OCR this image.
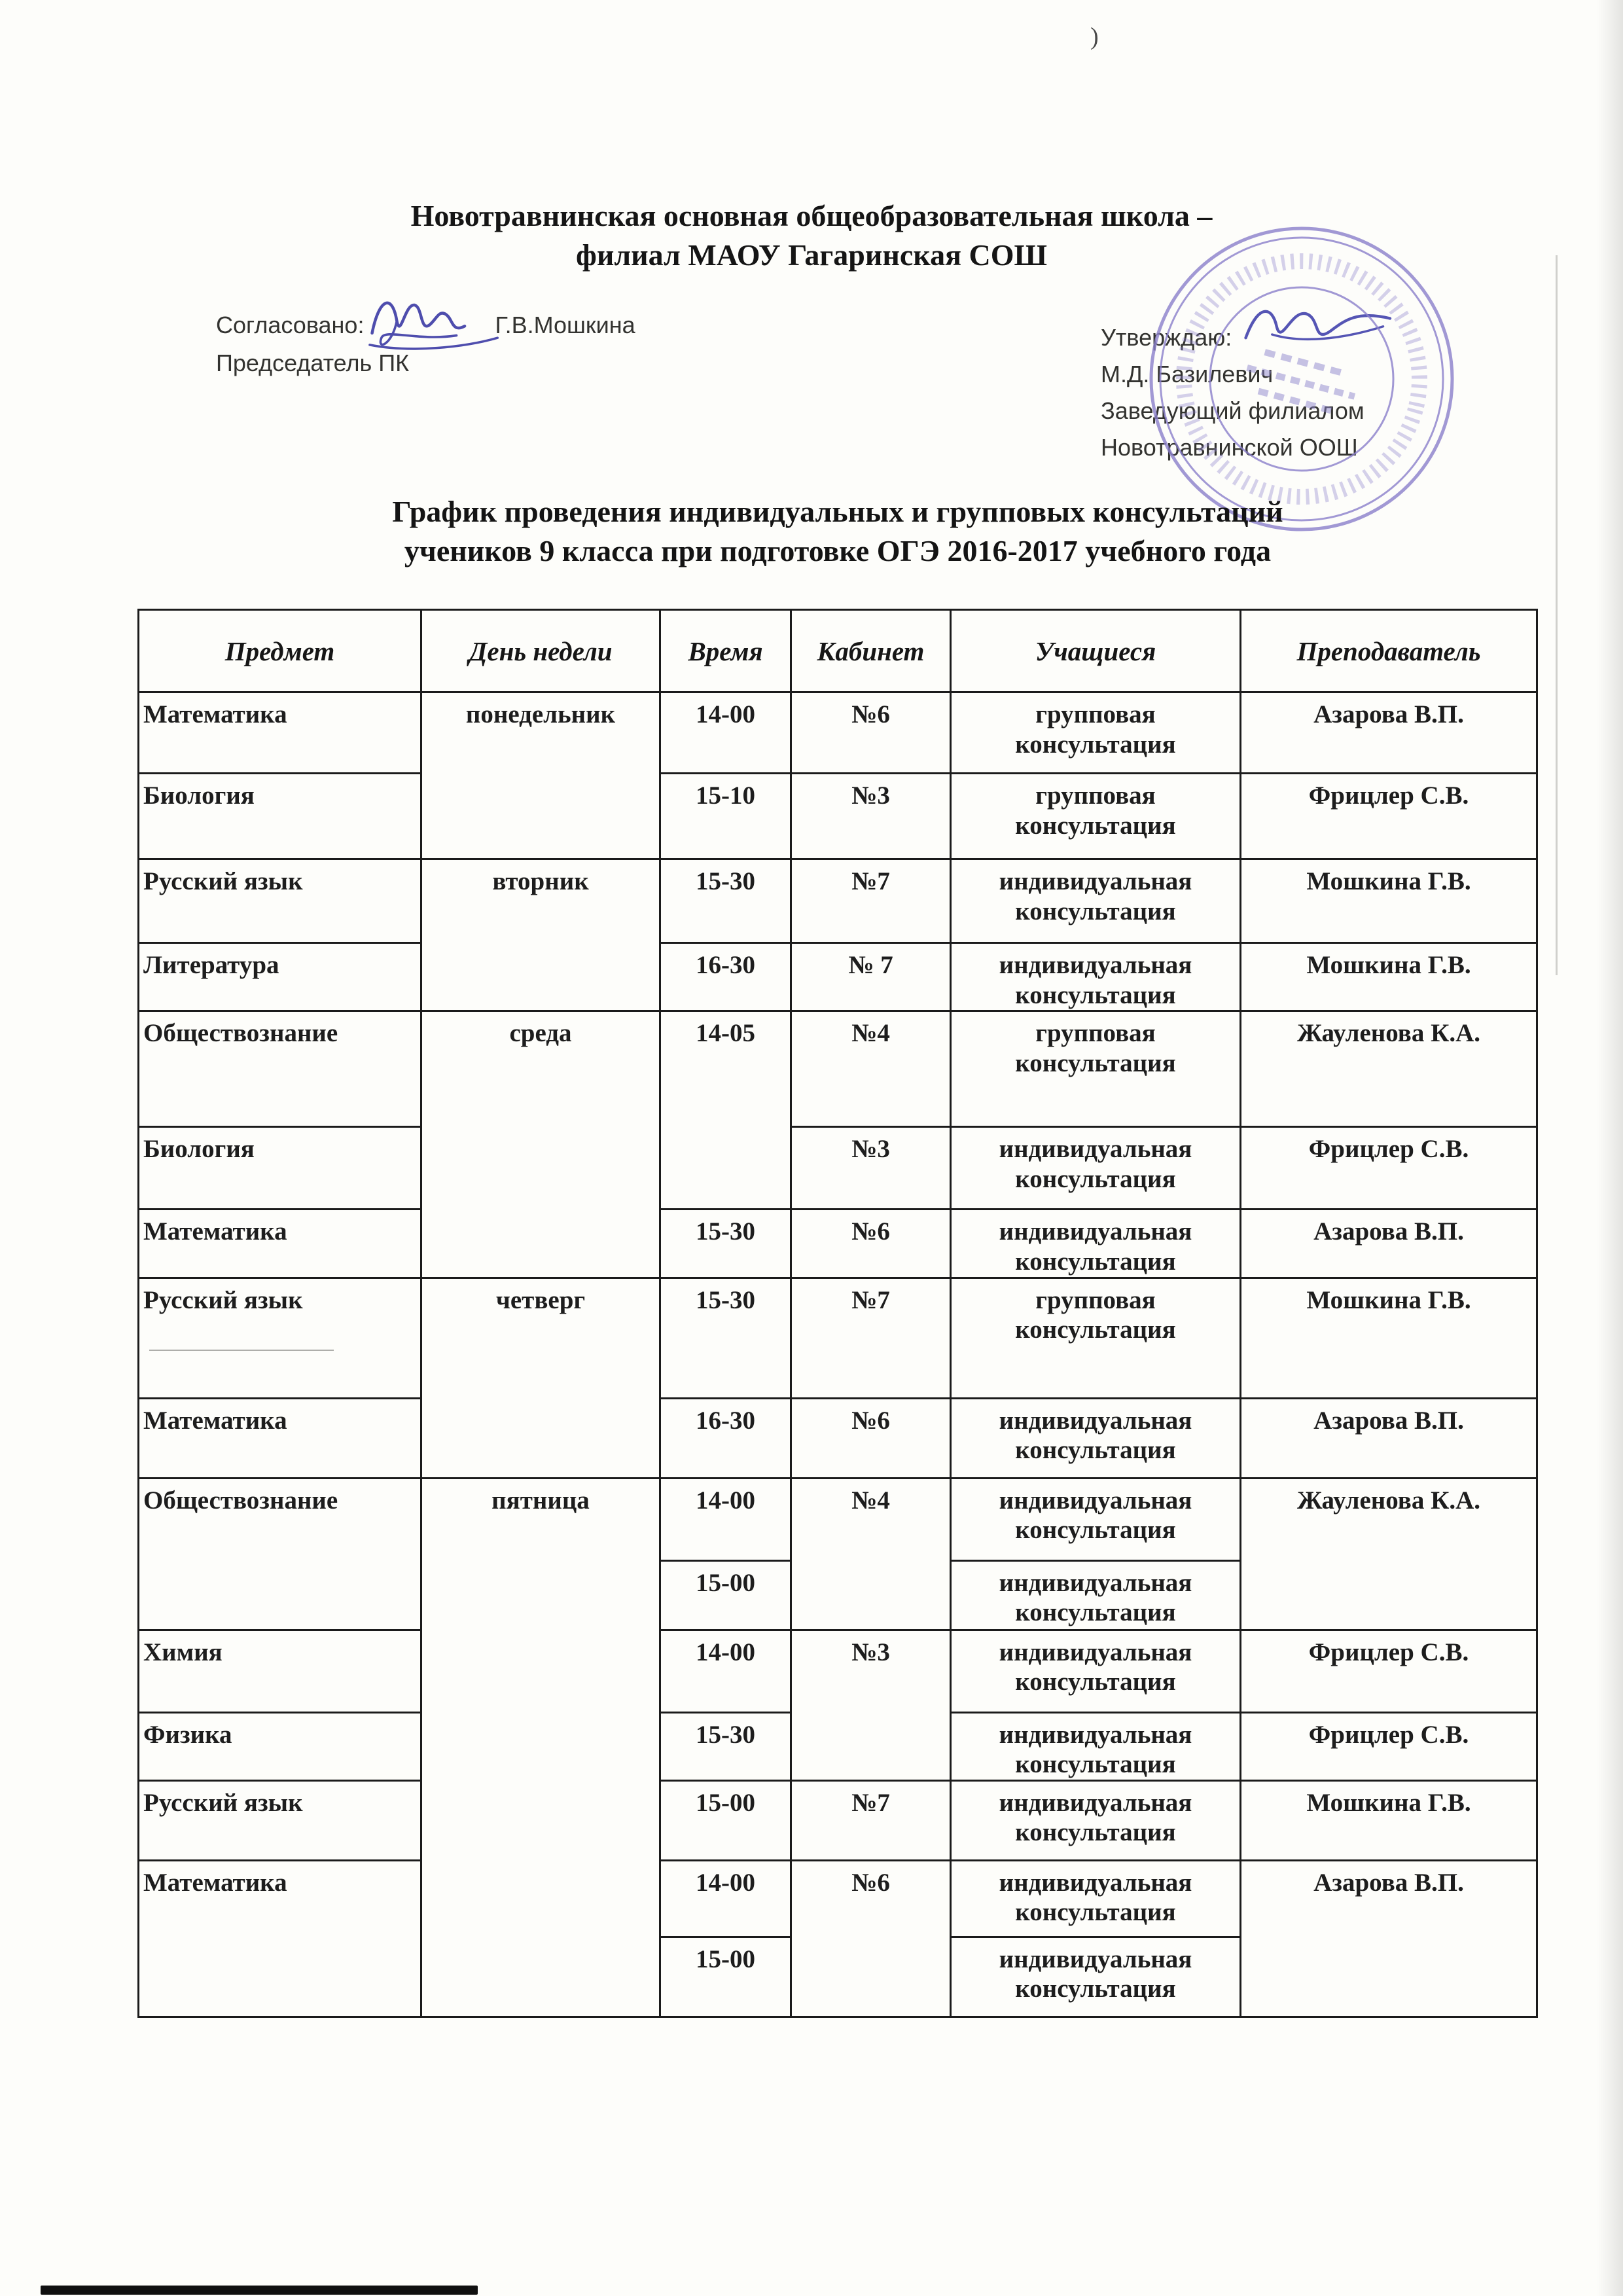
)
Новотравнинская основная общеобразовательная школа –
филиал МАОУ Гагаринская СОШ
Согласовано:	Г.В.Мошкина
Председатель ПК
Утверждаю:
М.Д. Базилевич
Заведующий филиалом
Новотравнинской ООШ
График проведения индивидуальных и групповых консультаций
учеников 9 класса при подготовке ОГЭ 2016-2017 учебного года
Предмет	День недели	Время	Кабинет	Учащиеся	Преподаватель
Математика	понедельник	14-00	№6	групповая консультация	Азарова В.П.
Биология		15-10	№3	групповая консультация	Фрицлер С.В.
Русский язык	вторник	15-30	№7	индивидуальная консультация	Мошкина Г.В.
Литература		16-30	№ 7	индивидуальная консультация	Мошкина Г.В.
Обществознание	среда	14-05	№4	групповая консультация	Жауленова К.А.
Биология			№3	индивидуальная консультация	Фрицлер С.В.
Математика		15-30	№6	индивидуальная консультация	Азарова В.П.
Русский язык	четверг	15-30	№7	групповая консультация	Мошкина Г.В.
Математика		16-30	№6	индивидуальная консультация	Азарова В.П.
Обществознание	пятница	14-00	№4	индивидуальная консультация	Жауленова К.А.
		15-00		индивидуальная консультация	
Химия		14-00	№3	индивидуальная консультация	Фрицлер С.В.
Физика		15-30		индивидуальная консультация	Фрицлер С.В.
Русский язык		15-00	№7	индивидуальная консультация	Мошкина Г.В.
Математика		14-00	№6	индивидуальная консультация	Азарова В.П.
		15-00		индивидуальная консультация	
